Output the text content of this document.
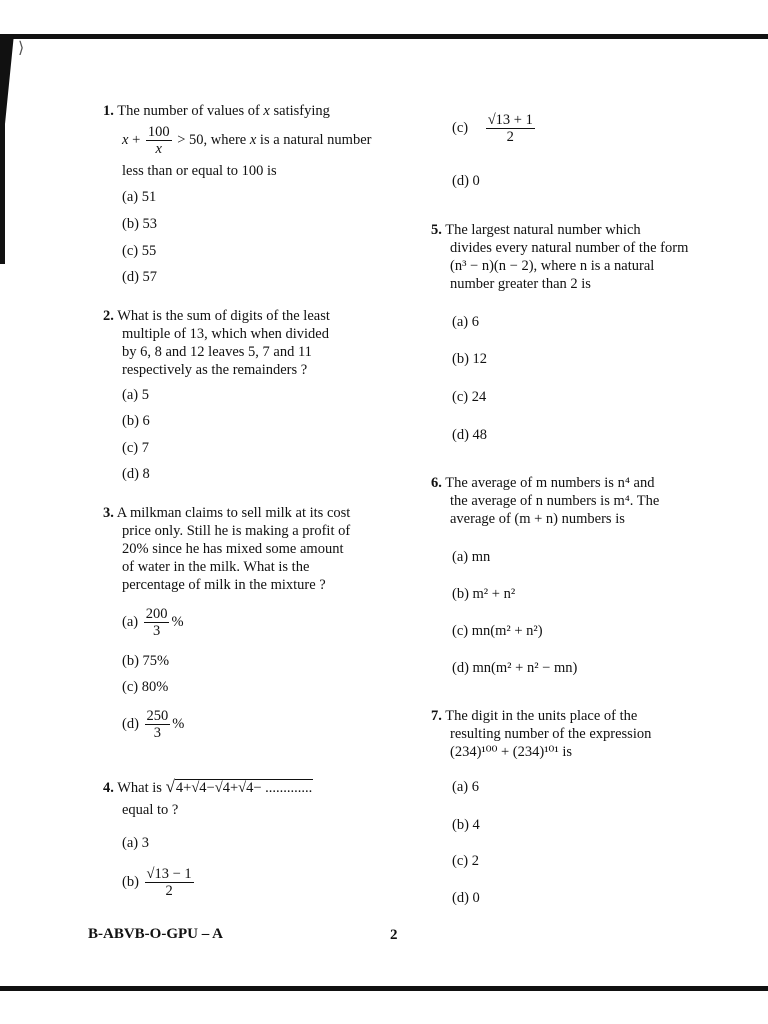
⟩
1. The number of values of x satisfying
$x + \frac{100}{x} > 50$, where x is a natural number
less than or equal to 100 is
(a) 51
(b) 53
(c) 55
(d) 57
2. What is the sum of digits of the least
multiple of 13, which when divided
by 6, 8 and 12 leaves 5, 7 and 11
respectively as the remainders ?
(a) 5
(b) 6
(c) 7
(d) 8
3. A milkman claims to sell milk at its cost
price only. Still he is making a profit of
20% since he has mixed some amount
of water in the milk. What is the
percentage of milk in the mixture ?
$(a) \frac{200}{3}$ %
(b) 75%
(c) 80%
$(d) \frac{250}{3}$ %
4. What is √4+√4−√4+√4− .............
equal to ?
(a) 3
$(b) \frac{√13 - 1}{2}$
$(c) \frac{√13 + 1}{2}$
(d) 0
5. The largest natural number which
divides every natural number of the form
(n³ − n)(n − 2), where n is a natural
number greater than 2 is
(a) 6
(b) 12
(c) 24
(d) 48
6. The average of m numbers is n⁴ and
the average of n numbers is m⁴. The
average of (m + n) numbers is
(a) mn
(b) m² + n²
(c) mn(m² + n²)
(d) mn(m² + n² − mn)
7. The digit in the units place of the
resulting number of the expression
(234)¹⁰⁰ + (234)¹⁰¹ is
(a) 6
(b) 4
(c) 2
(d) 0
B-ABVB-O-GPU – A	2
